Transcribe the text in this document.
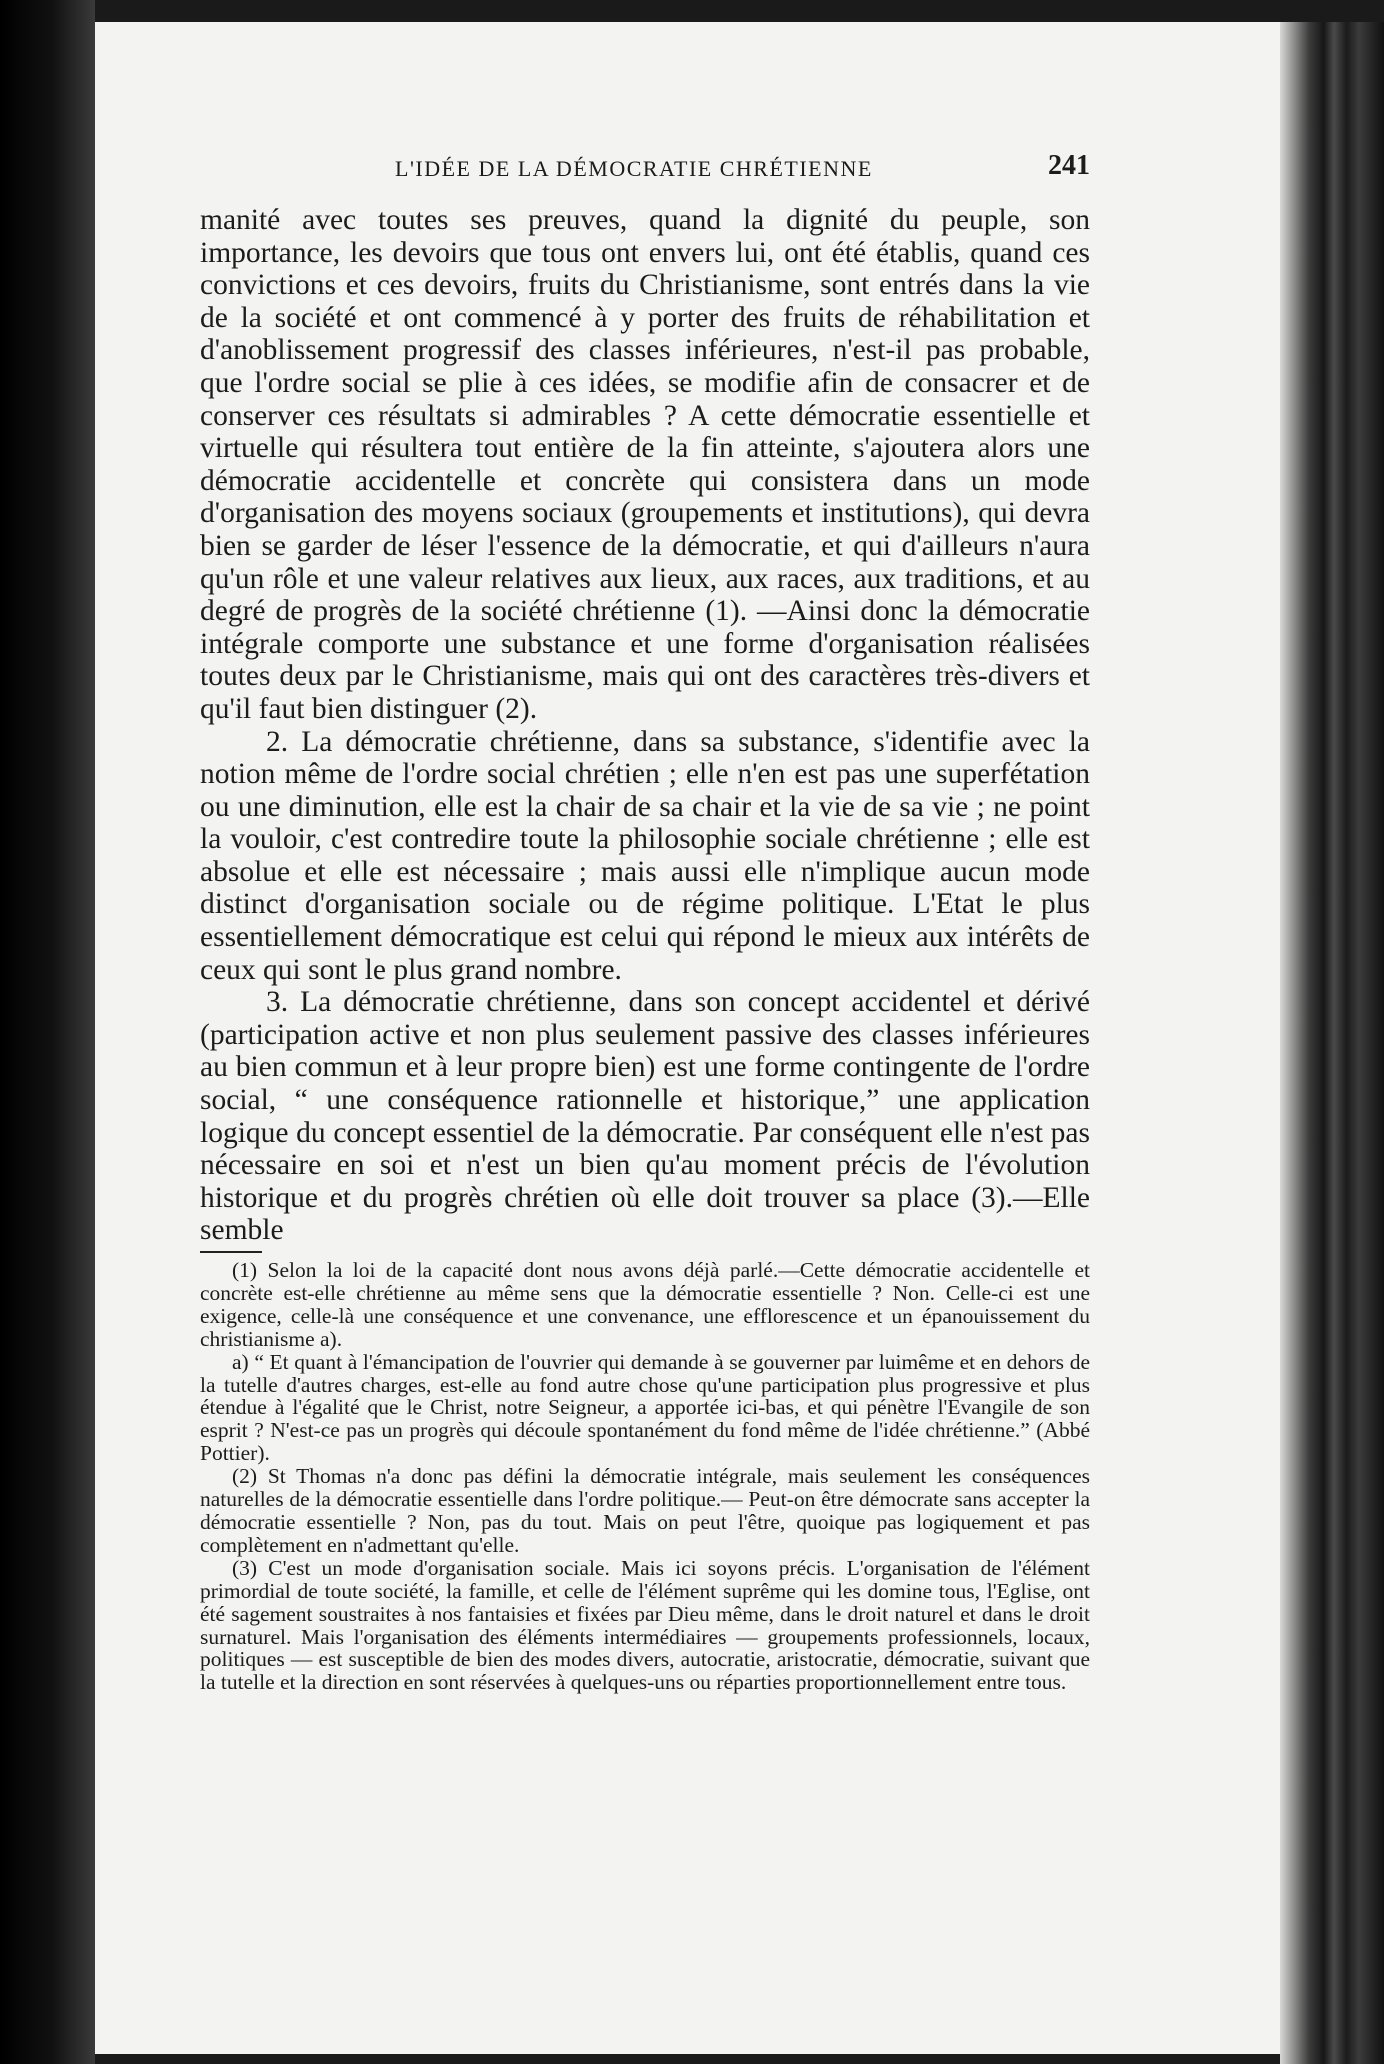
L'IDÉE DE LA DÉMOCRATIE CHRÉTIENNE	241

manité avec toutes ses preuves, quand la dignité du peuple, son importance, les devoirs que tous ont envers lui, ont été établis, quand ces convictions et ces devoirs, fruits du Christianisme, sont entrés dans la vie de la société et ont commencé à y porter des fruits de réhabilitation et d'anoblissement progressif des classes inférieures, n'est-il pas probable, que l'ordre social se plie à ces idées, se modifie afin de consacrer et de conserver ces résultats si admirables ? A cette démocratie essentielle et virtuelle qui résultera tout entière de la fin atteinte, s'ajoutera alors une démocratie accidentelle et concrète qui consistera dans un mode d'organisation des moyens sociaux (groupements et institutions), qui devra bien se garder de léser l'essence de la démocratie, et qui d'ailleurs n'aura qu'un rôle et une valeur relatives aux lieux, aux races, aux traditions, et au degré de progrès de la société chrétienne (1). —Ainsi donc la démocratie intégrale comporte une substance et une forme d'organisation réalisées toutes deux par le Christianisme, mais qui ont des caractères très-divers et qu'il faut bien distinguer (2).

2. La démocratie chrétienne, dans sa substance, s'identifie avec la notion même de l'ordre social chrétien ; elle n'en est pas une superfétation ou une diminution, elle est la chair de sa chair et la vie de sa vie ; ne point la vouloir, c'est contredire toute la philosophie sociale chrétienne ; elle est absolue et elle est nécessaire ; mais aussi elle n'implique aucun mode distinct d'organisation sociale ou de régime politique. L'Etat le plus essentiellement démocratique est celui qui répond le mieux aux intérêts de ceux qui sont le plus grand nombre.

3. La démocratie chrétienne, dans son concept accidentel et dérivé (participation active et non plus seulement passive des classes inférieures au bien commun et à leur propre bien) est une forme contingente de l'ordre social, “ une conséquence rationnelle et historique,” une application logique du concept essentiel de la démocratie. Par conséquent elle n'est pas nécessaire en soi et n'est un bien qu'au moment précis de l'évolution historique et du progrès chrétien où elle doit trouver sa place (3).—Elle semble

(1) Selon la loi de la capacité dont nous avons déjà parlé.—Cette démocratie accidentelle et concrète est-elle chrétienne au même sens que la démocratie essentielle ? Non. Celle-ci est une exigence, celle-là une conséquence et une convenance, une efflorescence et un épanouissement du christianisme a).

a) “ Et quant à l'émancipation de l'ouvrier qui demande à se gouverner par luimême et en dehors de la tutelle d'autres charges, est-elle au fond autre chose qu'une participation plus progressive et plus étendue à l'égalité que le Christ, notre Seigneur, a apportée ici-bas, et qui pénètre l'Evangile de son esprit ? N'est-ce pas un progrès qui découle spontanément du fond même de l'idée chrétienne.” (Abbé Pottier).

(2) St Thomas n'a donc pas défini la démocratie intégrale, mais seulement les conséquences naturelles de la démocratie essentielle dans l'ordre politique.— Peut-on être démocrate sans accepter la démocratie essentielle ? Non, pas du tout. Mais on peut l'être, quoique pas logiquement et pas complètement en n'admettant qu'elle.

(3) C'est un mode d'organisation sociale. Mais ici soyons précis. L'organisation de l'élément primordial de toute société, la famille, et celle de l'élément suprême qui les domine tous, l'Eglise, ont été sagement soustraites à nos fantaisies et fixées par Dieu même, dans le droit naturel et dans le droit surnaturel. Mais l'organisation des éléments intermédiaires — groupements professionnels, locaux, politiques — est susceptible de bien des modes divers, autocratie, aristocratie, démocratie, suivant que la tutelle et la direction en sont réservées à quelques-uns ou réparties proportionnellement entre tous.
